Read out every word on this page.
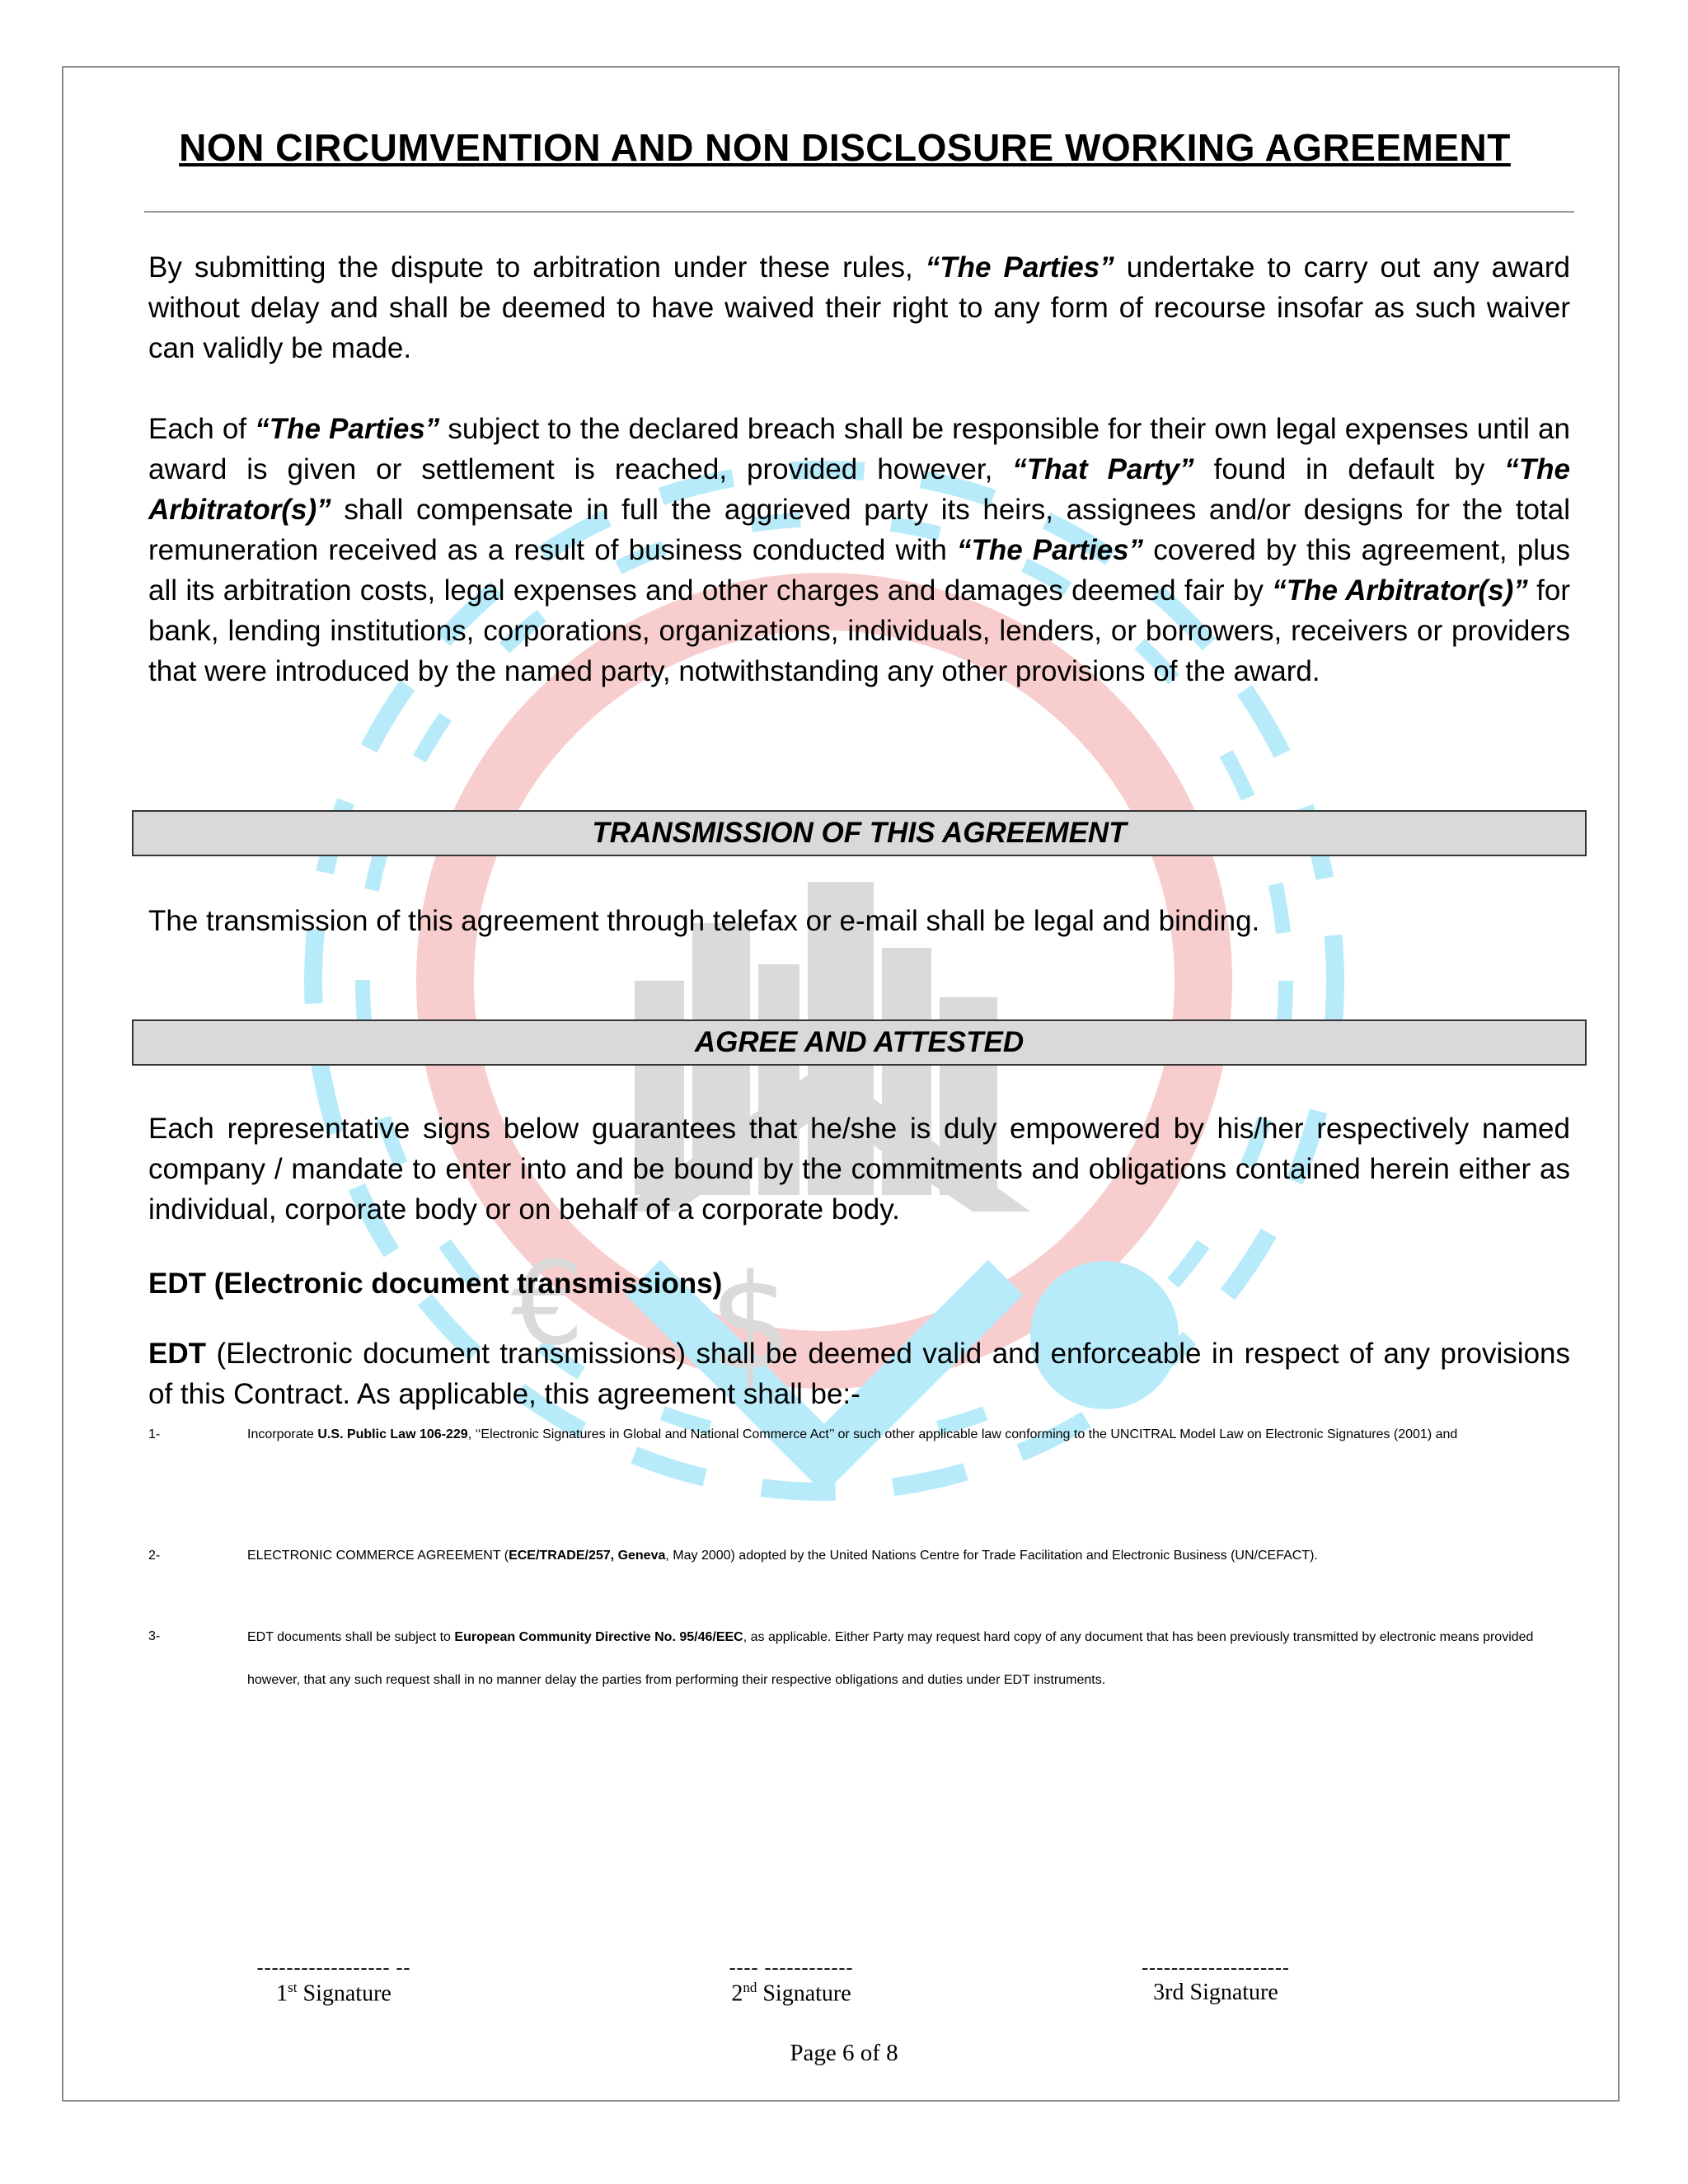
€ $
NON CIRCUMVENTION AND NON DISCLOSURE WORKING AGREEMENT
By submitting the dispute to arbitration under these rules, “The Parties” undertake to carry out any award without delay and shall be deemed to have waived their right to any form of recourse insofar as such waiver can validly be made.
Each of “The Parties” subject to the declared breach shall be responsible for their own legal expenses until an award is given or settlement is reached, provided however, “That Party” found in default by “The Arbitrator(s)” shall compensate in full the aggrieved party its heirs, assignees and/or designs for the total remuneration received as a result of business conducted with “The Parties” covered by this agreement, plus all its arbitration costs, legal expenses and other charges and damages deemed fair by “The Arbitrator(s)” for bank, lending institutions, corporations, organizations, individuals, lenders, or borrowers, receivers or providers that were introduced by the named party, notwithstanding any other provisions of the award.
TRANSMISSION OF THIS AGREEMENT
The transmission of this agreement through telefax or e-mail shall be legal and binding.
AGREE AND ATTESTED
Each representative signs below guarantees that he/she is duly empowered by his/her respectively named company / mandate to enter into and be bound by the commitments and obligations contained herein either as individual, corporate body or on behalf of a corporate body.
EDT (Electronic document transmissions)
EDT (Electronic document transmissions) shall be deemed valid and enforceable in respect of any provisions of this Contract. As applicable, this agreement shall be:-
1-	Incorporate U.S. Public Law 106-229, ‘‘Electronic Signatures in Global and National Commerce Act’’ or such other applicable law conforming to the UNCITRAL Model Law on Electronic Signatures (2001) and
2-	ELECTRONIC COMMERCE AGREEMENT (ECE/TRADE/257, Geneva, May 2000) adopted by the United Nations Centre for Trade Facilitation and Electronic Business (UN/CEFACT).
3-	EDT documents shall be subject to European Community Directive No. 95/46/EEC, as applicable. Either Party may request hard copy of any document that has been previously transmitted by electronic means provided however, that any such request shall in no manner delay the parties from performing their respective obligations and duties under EDT instruments.
------------------ --
1st Signature
---- ------------
2nd Signature
--------------------
3rd Signature
Page 6 of 8
